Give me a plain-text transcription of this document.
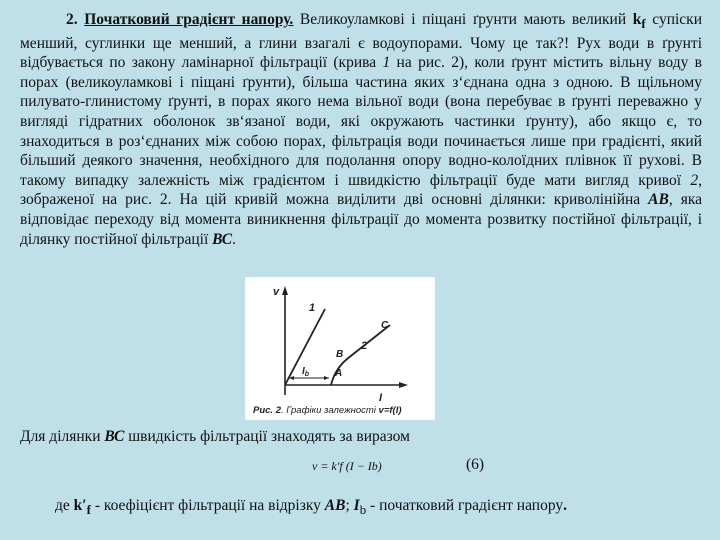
2. Початковий градієнт напору. Великоуламкові і піщані ґрунти мають великий $k_f$ супіски менший, суглинки ще менший, а глини взагалі є водоупорами. Чому це так?! Рух води в ґрунті відбувається по закону ламінарної фільтрації (крива 1 на рис. 2), коли ґрунт містить вільну воду в порах (великоуламкові і піщані ґрунти), більша частина яких з‘єднана одна з одною. В щільному пилувато-глинистому ґрунті, в порах якого нема вільної води (вона перебуває в ґрунті переважно у вигляді гідратних оболонок зв‘язаної води, які окружають частинки ґрунту), або якщо є, то знаходиться в роз‘єднаних між собою порах, фільтрація води починається лише при градієнті, який більший деякого значення, необхідного для подолання опору водно-колоїдних плівнок її рухові. В такому випадку залежність між градієнтом і швидкістю фільтрації буде мати вигляд кривої 2, зображеної на рис. 2. На цій кривій можна виділити дві основні ділянки: криволінійна АВ, яка відповідає переходу від момента виникнення фільтрації до момента розвитку постійної фільтрації, і ділянку постійної фільтрації ВС.

v
I
1
2
A
B
C
$I_b$
Рис. 2. Графіки залежності v=f(I)

Для ділянки ВС швидкість фільтрації знаходять за виразом

v = k′f (I − Ib)	(6)

де $k'_f$ - коефіцієнт фільтрації на відрізку АВ; $I_b$ - початковий градієнт напору.
